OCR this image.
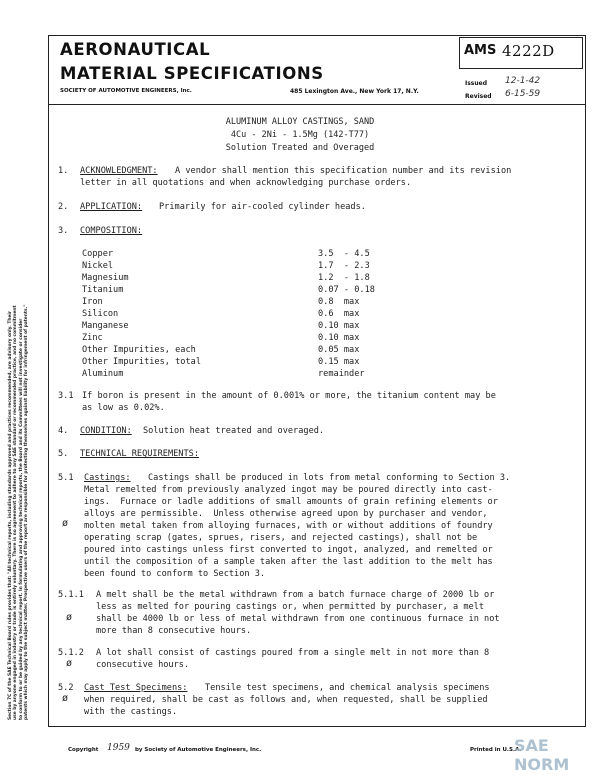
AERONAUTICAL
MATERIAL SPECIFICATIONS
SOCIETY OF AUTOMOTIVE ENGINEERS, Inc.	485 Lexington Ave., New York 17, N.Y.
AMS 4222D
Issued 12-1-42
Revised 6-15-59
ALUMINUM ALLOY CASTINGS, SAND
4Cu - 2Ni - 1.5Mg (142-T77)
Solution Treated and Overaged
1. ACKNOWLEDGMENT: A vendor shall mention this specification number and its revision
letter in all quotations and when acknowledging purchase orders.
2. APPLICATION: Primarily for air-cooled cylinder heads.
3. COMPOSITION:
Copper	3.5  - 4.5
Nickel	1.7  - 2.3
Magnesium	1.2  - 1.8
Titanium	0.07 - 0.18
Iron	0.8  max
Silicon	0.6  max
Manganese	0.10 max
Zinc	0.10 max
Other Impurities, each	0.05 max
Other Impurities, total	0.15 max
Aluminum	remainder
3.1 If boron is present in the amount of 0.001% or more, the titanium content may be
as low as 0.02%.
4. CONDITION: Solution heat treated and overaged.
5. TECHNICAL REQUIREMENTS:
5.1 Castings: Castings shall be produced in lots from metal conforming to Section 3.
Metal remelted from previously analyzed ingot may be poured directly into cast-
ings.  Furnace or ladle additions of small amounts of grain refining elements or
alloys are permissible.  Unless otherwise agreed upon by purchaser and vendor,
molten metal taken from alloying furnaces, with or without additions of foundry
operating scrap (gates, sprues, risers, and rejected castings), shall not be
poured into castings unless first converted to ingot, analyzed, and remelted or
until the composition of a sample taken after the last addition to the melt has
been found to conform to Section 3.
ø
5.1.1 A melt shall be the metal withdrawn from a batch furnace charge of 2000 lb or
less as melted for pouring castings or, when permitted by purchaser, a melt
shall be 4000 lb or less of metal withdrawn from one continuous furnace in not
more than 8 consecutive hours.
ø
5.1.2 A lot shall consist of castings poured from a single melt in not more than 8
consecutive hours.
ø
5.2 Cast Test Specimens: Tensile test specimens, and chemical analysis specimens
when required, shall be cast as follows and, when requested, shall be supplied
with the castings.
ø
Section 7C of the SAE Technical Board rules provides that: "All technical reports, including standards approved and practices recommended, are advisory only. Their use by anyone engaged in industry or trade is entirely voluntary. There is no agreement to adhere to any SAE standard or recommended practice, and no commitment to conform to or be guided by any technical report. In formulating and approving technical reports, the Board and its Committees will not investigate or consider patents which may apply to the subject matter. Prospective users of the report are responsible for protecting themselves against liability for infringement of patents."
Copyright 1959 by Society of Automotive Engineers, Inc.	Printed in U.S.A.
SAE NORM
